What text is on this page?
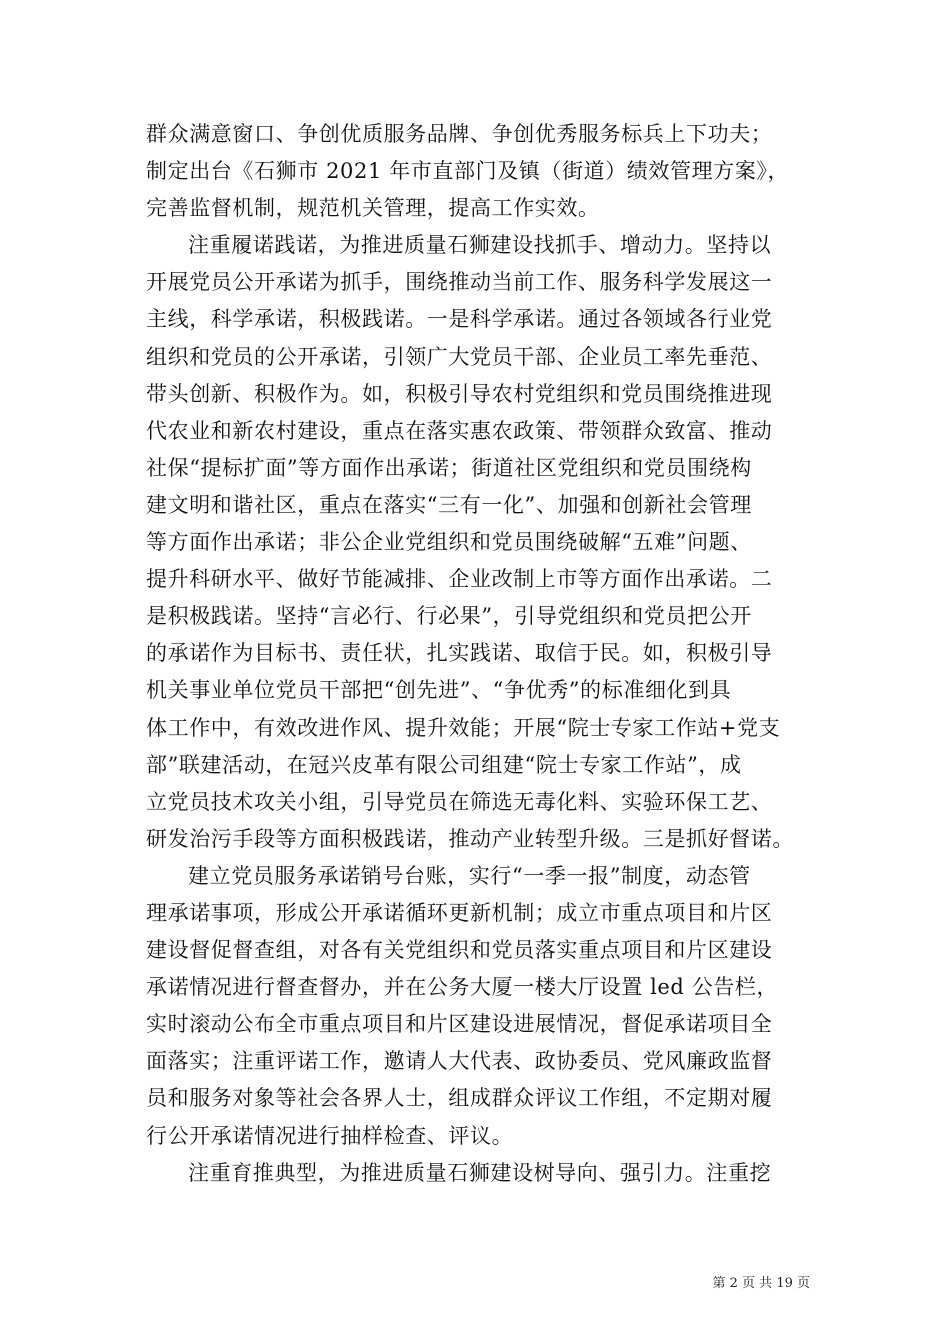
群众满意窗口、争创优质服务品牌、争创优秀服务标兵上下功夫；
制定出台《石狮市 2021 年市直部门及镇（街道）绩效管理方案》，
完善监督机制，规范机关管理，提高工作实效。
注重履诺践诺，为推进质量石狮建设找抓手、增动力。坚持以
开展党员公开承诺为抓手，围绕推动当前工作、服务科学发展这一
主线，科学承诺，积极践诺。一是科学承诺。通过各领域各行业党
组织和党员的公开承诺，引领广大党员干部、企业员工率先垂范、
带头创新、积极作为。如，积极引导农村党组织和党员围绕推进现
代农业和新农村建设，重点在落实惠农政策、带领群众致富、推动
社保“提标扩面”等方面作出承诺；街道社区党组织和党员围绕构
建文明和谐社区，重点在落实“三有一化”、加强和创新社会管理
等方面作出承诺；非公企业党组织和党员围绕破解“五难”问题、
提升科研水平、做好节能减排、企业改制上市等方面作出承诺。二
是积极践诺。坚持“言必行、行必果”，引导党组织和党员把公开
的承诺作为目标书、责任状，扎实践诺、取信于民。如，积极引导
机关事业单位党员干部把“创先进”、“争优秀”的标准细化到具
体工作中，有效改进作风、提升效能；开展“院士专家工作站+党支
部”联建活动，在冠兴皮革有限公司组建“院士专家工作站”，成
立党员技术攻关小组，引导党员在筛选无毒化料、实验环保工艺、
研发治污手段等方面积极践诺，推动产业转型升级。三是抓好督诺。
建立党员服务承诺销号台账，实行“一季一报”制度，动态管
理承诺事项，形成公开承诺循环更新机制；成立市重点项目和片区
建设督促督查组，对各有关党组织和党员落实重点项目和片区建设
承诺情况进行督查督办，并在公务大厦一楼大厅设置 led 公告栏，
实时滚动公布全市重点项目和片区建设进展情况，督促承诺项目全
面落实；注重评诺工作，邀请人大代表、政协委员、党风廉政监督
员和服务对象等社会各界人士，组成群众评议工作组，不定期对履
行公开承诺情况进行抽样检查、评议。
注重育推典型，为推进质量石狮建设树导向、强引力。注重挖
第 2 页 共 19 页
